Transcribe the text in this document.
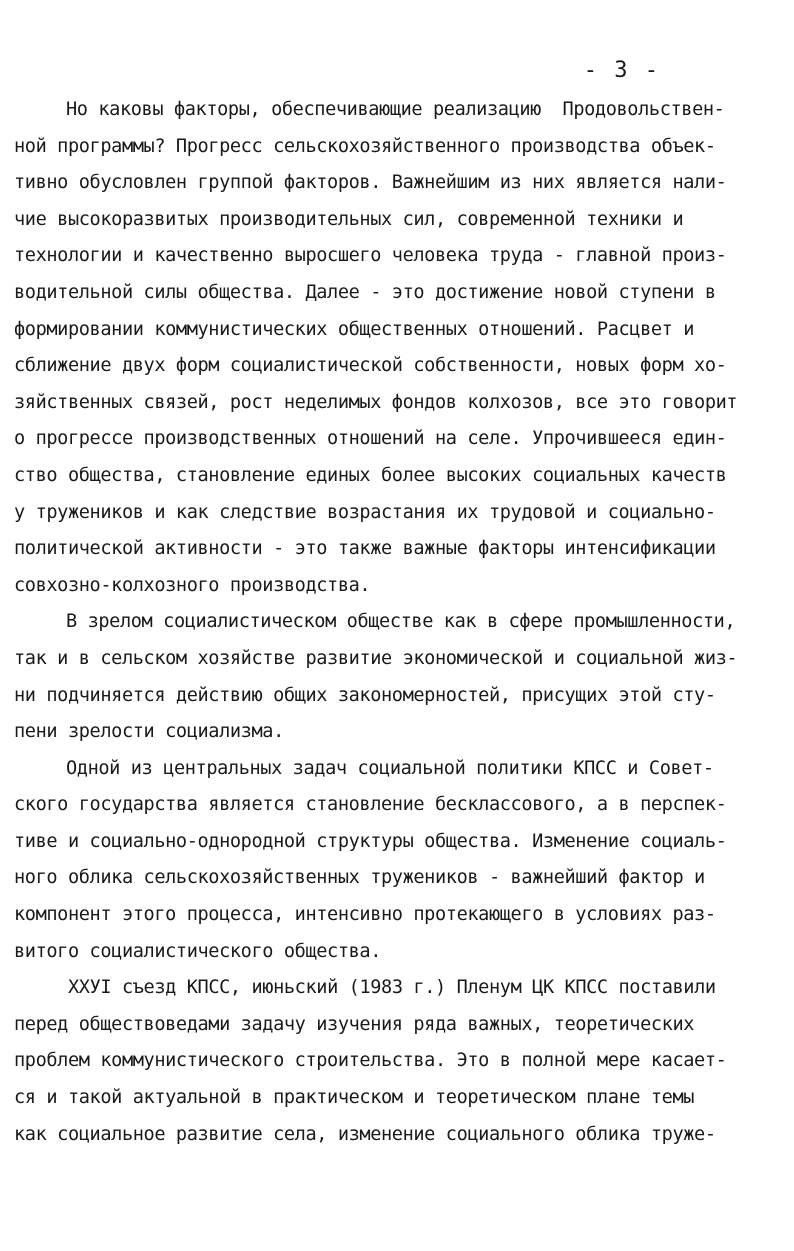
- 3 -
Но каковы факторы, обеспечивающие реализацию  Продовольствен-
ной программы? Прогресс сельскохозяйственного производства объек-
тивно обусловлен группой факторов. Важнейшим из них является нали-
чие высокоразвитых производительных сил, современной техники и
технологии и качественно выросшего человека труда - главной произ-
водительной силы общества. Далее - это достижение новой ступени в
формировании коммунистических общественных отношений. Расцвет и
сближение двух форм социалистической собственности, новых форм хо-
зяйственных связей, рост неделимых фондов колхозов, все это говорит
о прогрессе производственных отношений на селе. Упрочившееся един-
ство общества, становление единых более высоких социальных качеств
у тружеников и как следствие возрастания их трудовой и социально-
политической активности - это также важные факторы интенсификации
совхозно-колхозного производства.
В зрелом социалистическом обществе как в сфере промышленности,
так и в сельском хозяйстве развитие экономической и социальной жиз-
ни подчиняется действию общих закономерностей, присущих этой сту-
пени зрелости социализма.
Одной из центральных задач социальной политики КПСС и Совет-
ского государства является становление бесклассового, а в перспек-
тиве и социально-однородной структуры общества. Изменение социаль-
ного облика сельскохозяйственных тружеников - важнейший фактор и
компонент этого процесса, интенсивно протекающего в условиях раз-
витого социалистического общества.
ХХУI съезд КПСС, июньский (1983 г.) Пленум ЦК КПСС поставили
перед обществоведами задачу изучения ряда важных, теоретических
проблем коммунистического строительства. Это в полной мере касает-
ся и такой актуальной в практическом и теоретическом плане темы
как социальное развитие села, изменение социального облика труже-
